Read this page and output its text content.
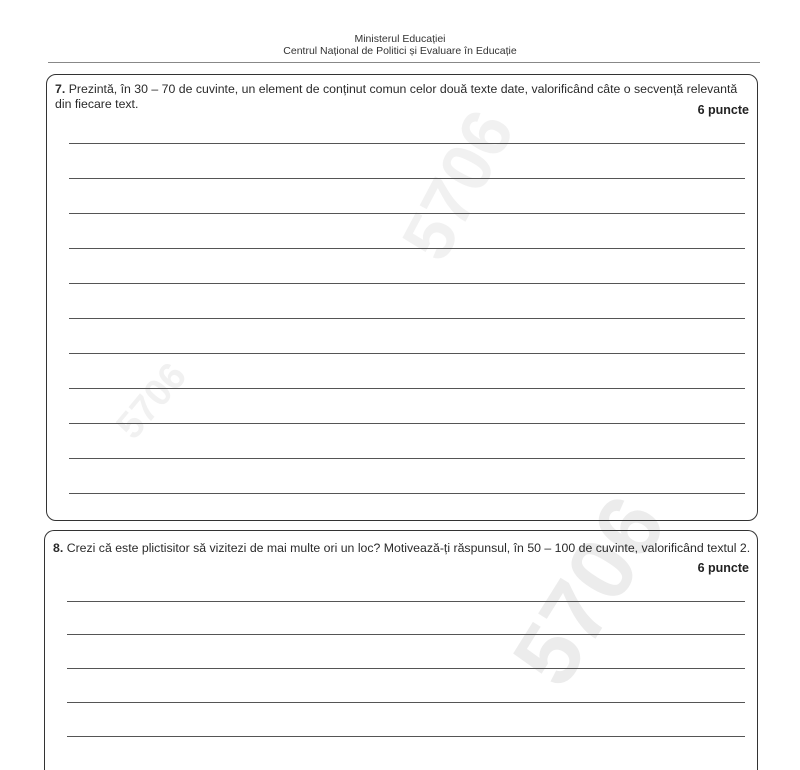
Ministerul Educației
Centrul Național de Politici și Evaluare în Educație
5706
5706
5706
7. Prezintă, în 30 – 70 de cuvinte, un element de conținut comun celor două texte date, valorificând câte o secvență relevantă din fiecare text.	6 puncte
8. Crezi că este plictisitor să vizitezi de mai multe ori un loc? Motivează-ți răspunsul, în 50 – 100 de cuvinte, valorificând textul 2.
6 puncte
